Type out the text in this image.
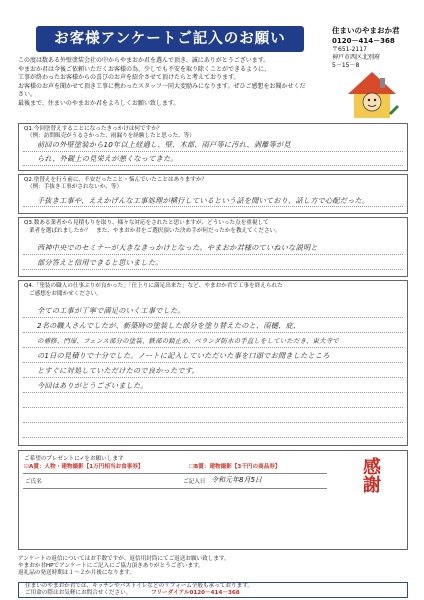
お客様アンケートご記入のお願い
住まいのやまおか君
0120－414－368
〒651-2117
神戸市西区北別府
5－15－8
この度は数ある外壁塗装会社の中からやまおか君を選んで頂き、誠にありがとうございます。
やまおか君は今後ご依頼いただくお客様の為、少しでも不安を取り除くことができるように、
工事が終わったお客様からの喜びのお声を紹介させて頂けたらと考えております。
お客様のお声を聞かせて頂き工事に携わったスタッフ一同大変励みになります。ぜひご感想をお聞かせください。
最後まで、住まいのやまおか君をよろしくお願い致します。
Q1.今回塗替えすることになったきっかけは何ですか？
（例：訪問販売がうるさかった、雨漏りを経験したと思った、等）
前回の外壁塗装から10年以上経過し、壁、木部、雨戸等に汚れ、剥離等が見
られ、外観上の見栄えが悪くなってきた。
Q2.塗替えを行う前に、不安だったこと・悩んでいたことはありますか？
（例：手抜き工事がされないか、等）
手抜き工事や、ええかげんな工事処理が横行しているという話を聞いており、話し方で心配だった。
Q3.数ある業者から見積もりを取り、様々な対応をされたと思いますが、どういった点を重視して
業者を選ばれましたか？　また、やまおか君をご選択頂いた決め手が何だったかを教えてください。
西神中央でのセミナーが大きなきっかけとなった。やまおか君様のていねいな説明と
部分答えと信用できると思いました。
Q4.「塗装の職人の仕事ぶりが良かった」「仕上りに満足出来た」など、やまおか君で工事を終えられた
ご感想をお聞かせください。
全ての工事が丁寧で満足のいく工事でした。
2名の職人さんでしたが、新築時の塗装した部分を塗り替えたのと、雨樋、庇、
の補修、門扉、フェンス部分の塗装、鉄部の錆止め、ベランダ防水の手直しをしていただき、東大寺で
の1日の見積りで十分でした。ノートに記入していただいた事を口頭でお聞きしたところ
とすぐに対処していただけたので良かったです。
今回はありがとうございました。
ご希望のプレゼントに✓をお願いします
☑A賞：人物・建物撮影【1万円相当お食事券】	☐B賞：建物撮影【3千円の商品券】
ご氏名	ご記入日 令和元年8月5日	感謝
アンケートの返信についてはお手数ですが、返信用封筒にてご返送お願い致します。
やまおか君HPでアンケートにご記入にご協力頂きありがとうございます。
返礼品の発送時期は１～２か月後になります。
住まいのやまおか君では、キッチンやバストイレなどのリフォーム全般も承っております。
ご用命の際はお気軽にお問合せください。	フリーダイアル0120－414－368
